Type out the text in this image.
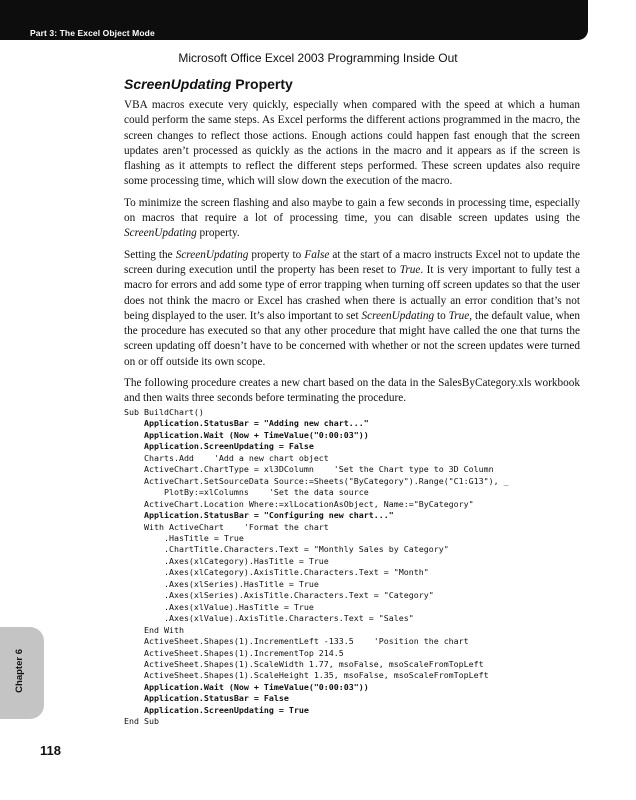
Part 3: The Excel Object Mode
Microsoft Office Excel 2003 Programming Inside Out
ScreenUpdating Property

VBA macros execute very quickly, especially when compared with the speed at which a human could perform the same steps. As Excel performs the different actions programmed in the macro, the screen changes to reflect those actions. Enough actions could happen fast enough that the screen updates aren’t processed as quickly as the actions in the macro and it appears as if the screen is flashing as it attempts to reflect the different steps performed. These screen updates also require some processing time, which will slow down the execution of the macro.

To minimize the screen flashing and also maybe to gain a few seconds in processing time, especially on macros that require a lot of processing time, you can disable screen updates using the ScreenUpdating property.

Setting the ScreenUpdating property to False at the start of a macro instructs Excel not to update the screen during execution until the property has been reset to True. It is very important to fully test a macro for errors and add some type of error trapping when turning off screen updates so that the user does not think the macro or Excel has crashed when there is actually an error condition that’s not being displayed to the user. It’s also important to set ScreenUpdating to True, the default value, when the procedure has executed so that any other procedure that might have called the one that turns the screen updating off doesn’t have to be concerned with whether or not the screen updates were turned on or off outside its own scope.

The following procedure creates a new chart based on the data in the SalesByCategory.xls workbook and then waits three seconds before terminating the procedure.

Sub BuildChart()
Application.StatusBar = "Adding new chart..."
Application.Wait (Now + TimeValue("0:00:03"))
Application.ScreenUpdating = False
Charts.Add    'Add a new chart object
ActiveChart.ChartType = xl3DColumn    'Set the Chart type to 3D Column
ActiveChart.SetSourceData Source:=Sheets("ByCategory").Range("C1:G13"), _
PlotBy:=xlColumns    'Set the data source
ActiveChart.Location Where:=xlLocationAsObject, Name:="ByCategory"
Application.StatusBar = "Configuring new chart..."
With ActiveChart    'Format the chart
.HasTitle = True
.ChartTitle.Characters.Text = "Monthly Sales by Category"
.Axes(xlCategory).HasTitle = True
.Axes(xlCategory).AxisTitle.Characters.Text = "Month"
.Axes(xlSeries).HasTitle = True
.Axes(xlSeries).AxisTitle.Characters.Text = "Category"
.Axes(xlValue).HasTitle = True
.Axes(xlValue).AxisTitle.Characters.Text = "Sales"
End With
ActiveSheet.Shapes(1).IncrementLeft -133.5    'Position the chart
ActiveSheet.Shapes(1).IncrementTop 214.5
ActiveSheet.Shapes(1).ScaleWidth 1.77, msoFalse, msoScaleFromTopLeft
ActiveSheet.Shapes(1).ScaleHeight 1.35, msoFalse, msoScaleFromTopLeft
Application.Wait (Now + TimeValue("0:00:03"))
Application.StatusBar = False
Application.ScreenUpdating = True
End Sub

Chapter 6
118
